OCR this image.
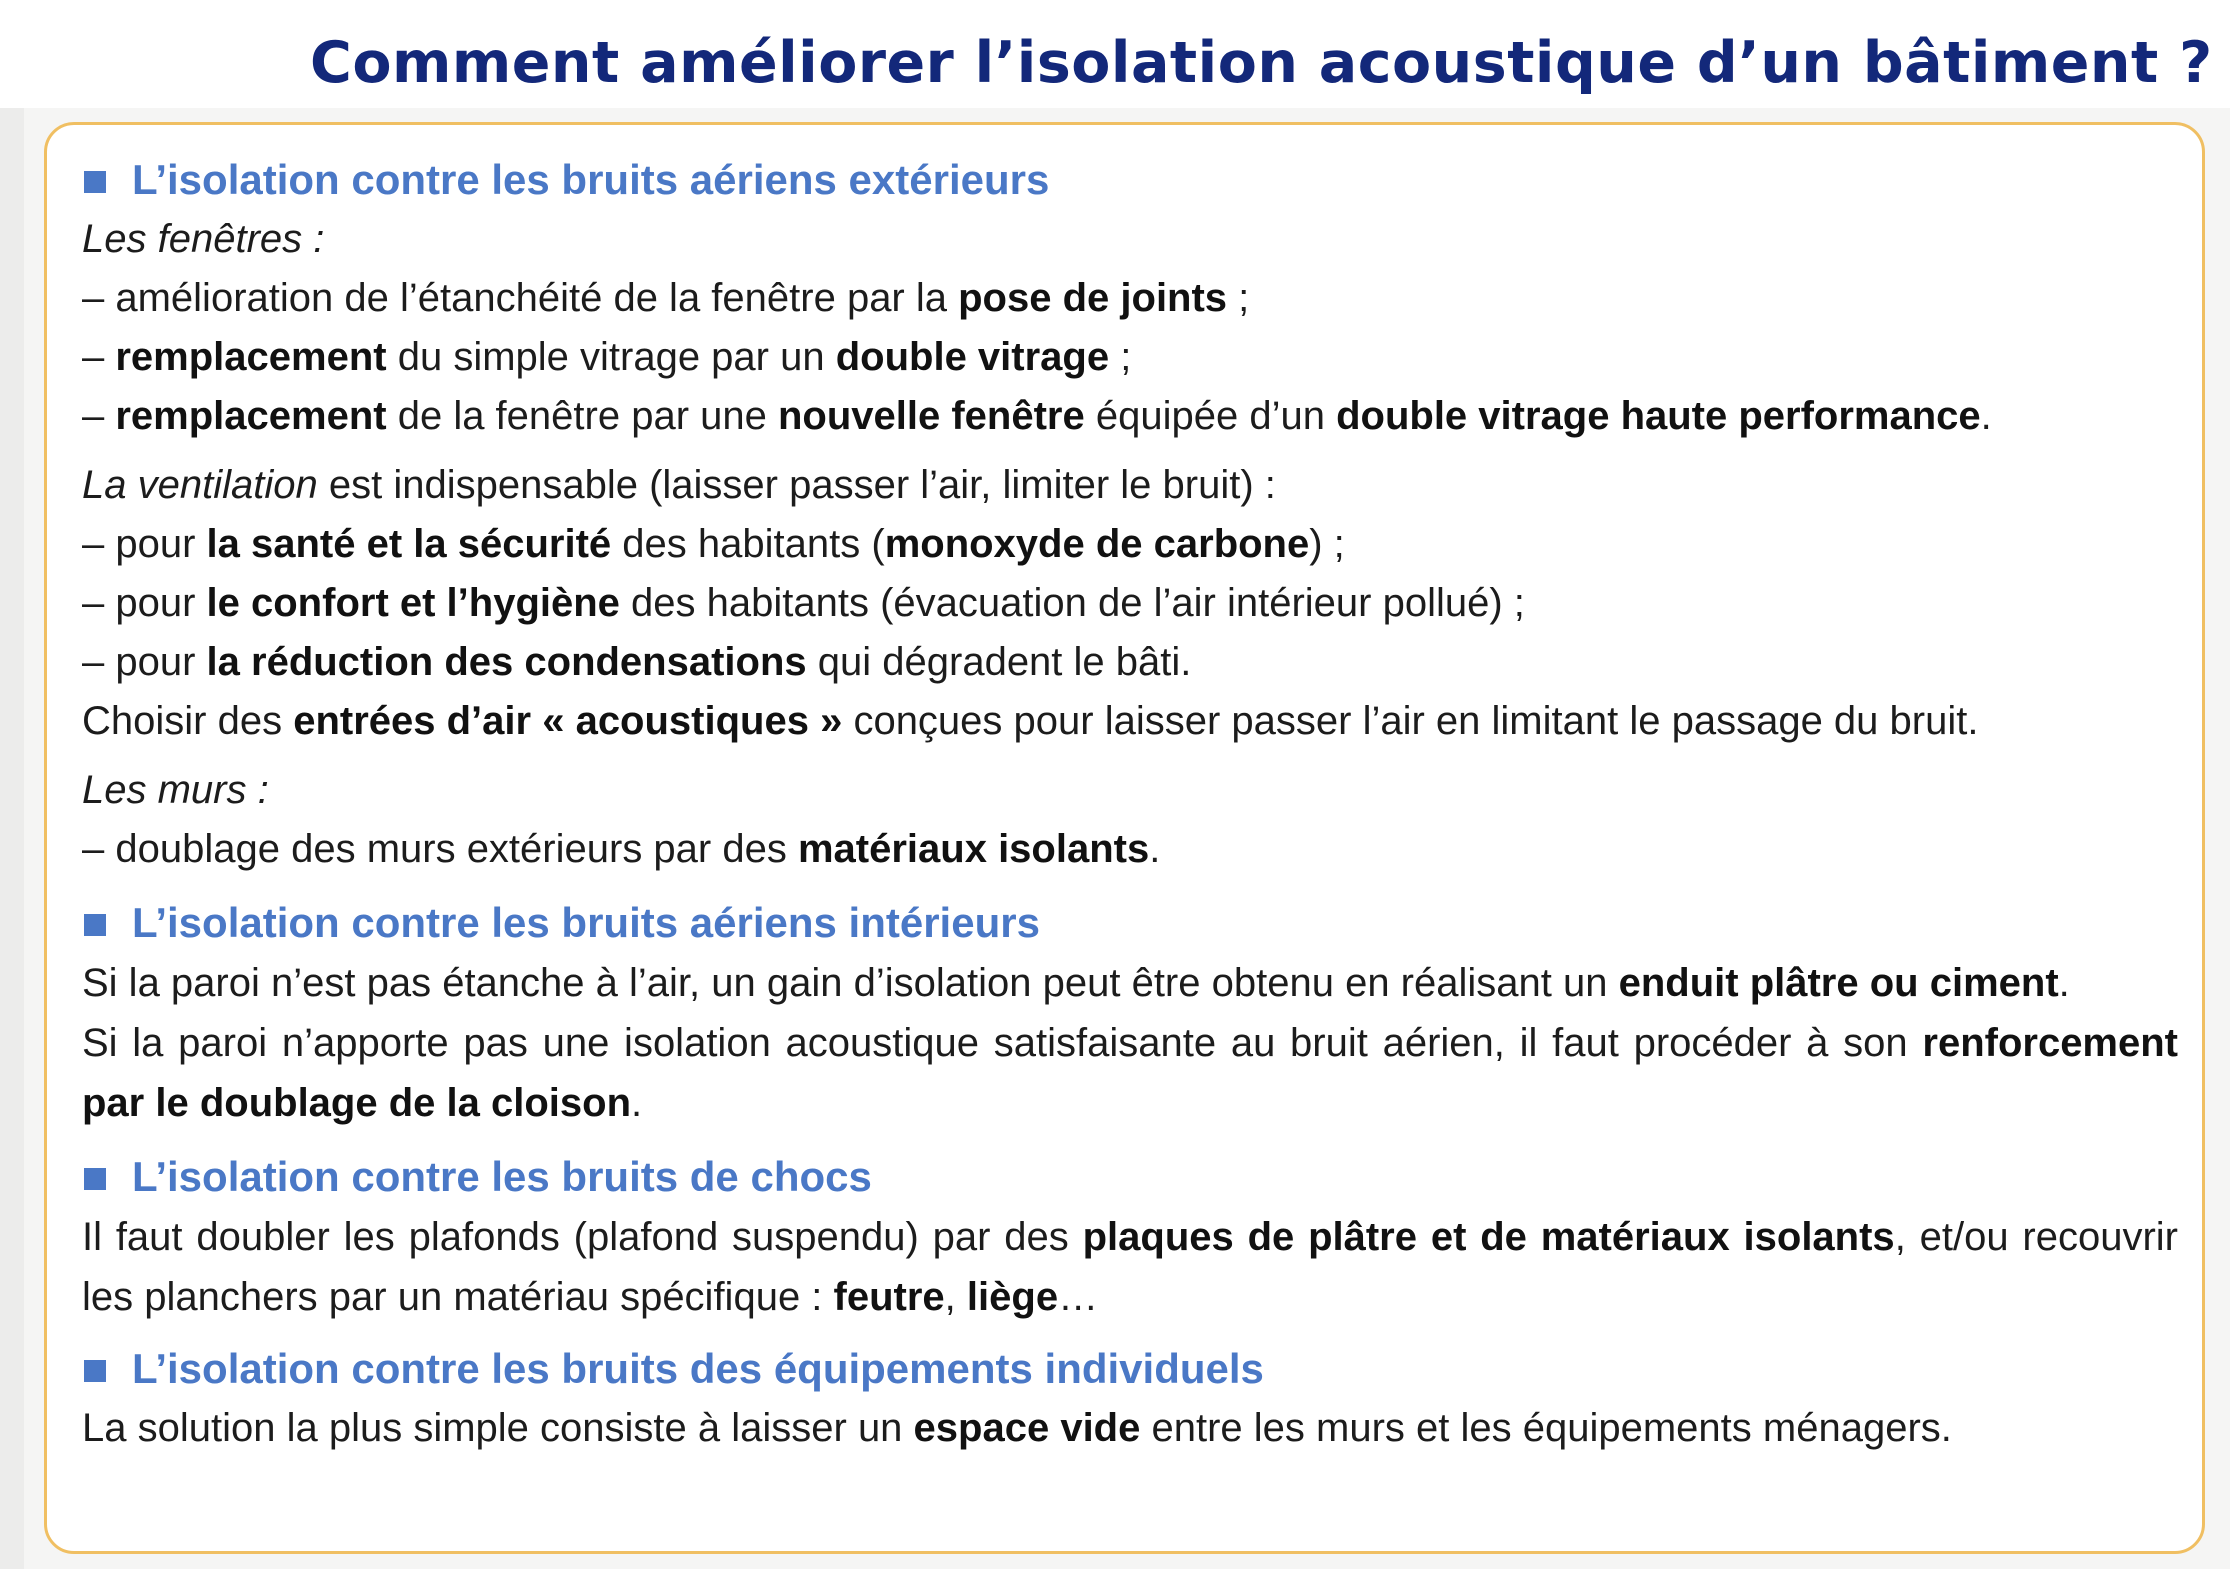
Comment améliorer l’isolation acoustique d’un bâtiment ?
L’isolation contre les bruits aériens extérieurs
Les fenêtres :
– amélioration de l’étanchéité de la fenêtre par la pose de joints ;
– remplacement du simple vitrage par un double vitrage ;
– remplacement de la fenêtre par une nouvelle fenêtre équipée d’un double vitrage haute performance.
La ventilation est indispensable (laisser passer l’air, limiter le bruit) :
– pour la santé et la sécurité des habitants (monoxyde de carbone) ;
– pour le confort et l’hygiène des habitants (évacuation de l’air intérieur pollué) ;
– pour la réduction des condensations qui dégradent le bâti.
Choisir des entrées d’air « acoustiques » conçues pour laisser passer l’air en limitant le passage du bruit.
Les murs :
– doublage des murs extérieurs par des matériaux isolants.
L’isolation contre les bruits aériens intérieurs
Si la paroi n’est pas étanche à l’air, un gain d’isolation peut être obtenu en réalisant un enduit plâtre ou ciment.
Si la paroi n’apporte pas une isolation acoustique satisfaisante au bruit aérien, il faut procéder à son renforcement par le doublage de la cloison.
L’isolation contre les bruits de chocs
Il faut doubler les plafonds (plafond suspendu) par des plaques de plâtre et de matériaux isolants, et/ou recouvrir les planchers par un matériau spécifique : feutre, liège…
L’isolation contre les bruits des équipements individuels
La solution la plus simple consiste à laisser un espace vide entre les murs et les équipements ménagers.
